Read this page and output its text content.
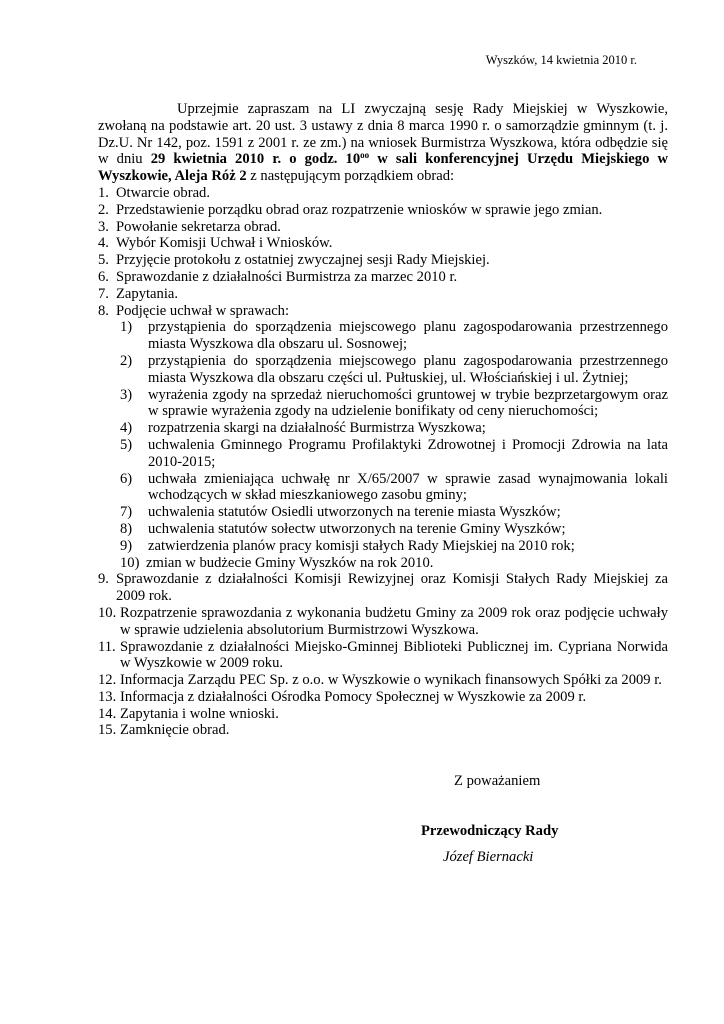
Wyszków, 14 kwietnia 2010 r.

Uprzejmie zapraszam na LI zwyczajną sesję Rady Miejskiej w Wyszkowie, zwołaną na podstawie art. 20 ust. 3 ustawy z dnia 8 marca 1990 r. o samorządzie gminnym (t. j. Dz.U. Nr 142, poz. 1591 z 2001 r. ze zm.) na wniosek Burmistrza Wyszkowa, która odbędzie się w dniu 29 kwietnia 2010 r. o godz. $10^{oo}$ w sali konferencyjnej Urzędu Miejskiego w Wyszkowie, Aleja Róż 2 z następującym porządkiem obrad:

1. Otwarcie obrad.
2. Przedstawienie porządku obrad oraz rozpatrzenie wniosków w sprawie jego zmian.
3. Powołanie sekretarza obrad.
4. Wybór Komisji Uchwał i Wniosków.
5. Przyjęcie protokołu z ostatniej zwyczajnej sesji Rady Miejskiej.
6. Sprawozdanie z działalności Burmistrza za marzec 2010 r.
7. Zapytania.
8. Podjęcie uchwał w sprawach:
1)	przystąpienia do sporządzenia miejscowego planu zagospodarowania przestrzennego miasta Wyszkowa dla obszaru ul. Sosnowej;
2)	przystąpienia do sporządzenia miejscowego planu zagospodarowania przestrzennego miasta Wyszkowa dla obszaru części ul. Pułtuskiej, ul. Włościańskiej i ul. Żytniej;
3)	wyrażenia zgody na sprzedaż nieruchomości gruntowej w trybie bezprzetargowym oraz w sprawie wyrażenia zgody na udzielenie bonifikaty od ceny nieruchomości;
4)	rozpatrzenia skargi na działalność Burmistrza Wyszkowa;
5)	uchwalenia Gminnego Programu Profilaktyki Zdrowotnej i Promocji Zdrowia na lata 2010-2015;
6)	uchwała zmieniająca uchwałę nr X/65/2007 w sprawie zasad wynajmowania lokali wchodzących w skład mieszkaniowego zasobu gminy;
7)	uchwalenia statutów Osiedli utworzonych na terenie miasta Wyszków;
8)	uchwalenia statutów sołectw utworzonych na terenie Gminy Wyszków;
9)	zatwierdzenia planów pracy komisji stałych Rady Miejskiej na 2010 rok;
10) zmian w budżecie Gminy Wyszków na rok 2010.
9. Sprawozdanie z działalności Komisji Rewizyjnej oraz Komisji Stałych Rady Miejskiej za 2009 rok.
10. Rozpatrzenie sprawozdania z wykonania budżetu Gminy za 2009 rok oraz podjęcie uchwały w sprawie udzielenia absolutorium Burmistrzowi Wyszkowa.
11. Sprawozdanie z działalności Miejsko-Gminnej Biblioteki Publicznej im. Cypriana Norwida w Wyszkowie w 2009 roku.
12. Informacja Zarządu PEC Sp. z o.o. w Wyszkowie o wynikach finansowych Spółki za 2009 r.
13. Informacja z działalności Ośrodka Pomocy Społecznej w Wyszkowie za 2009 r.
14. Zapytania i wolne wnioski.
15. Zamknięcie obrad.
Z poważaniem
Przewodniczący Rady
Józef Biernacki
